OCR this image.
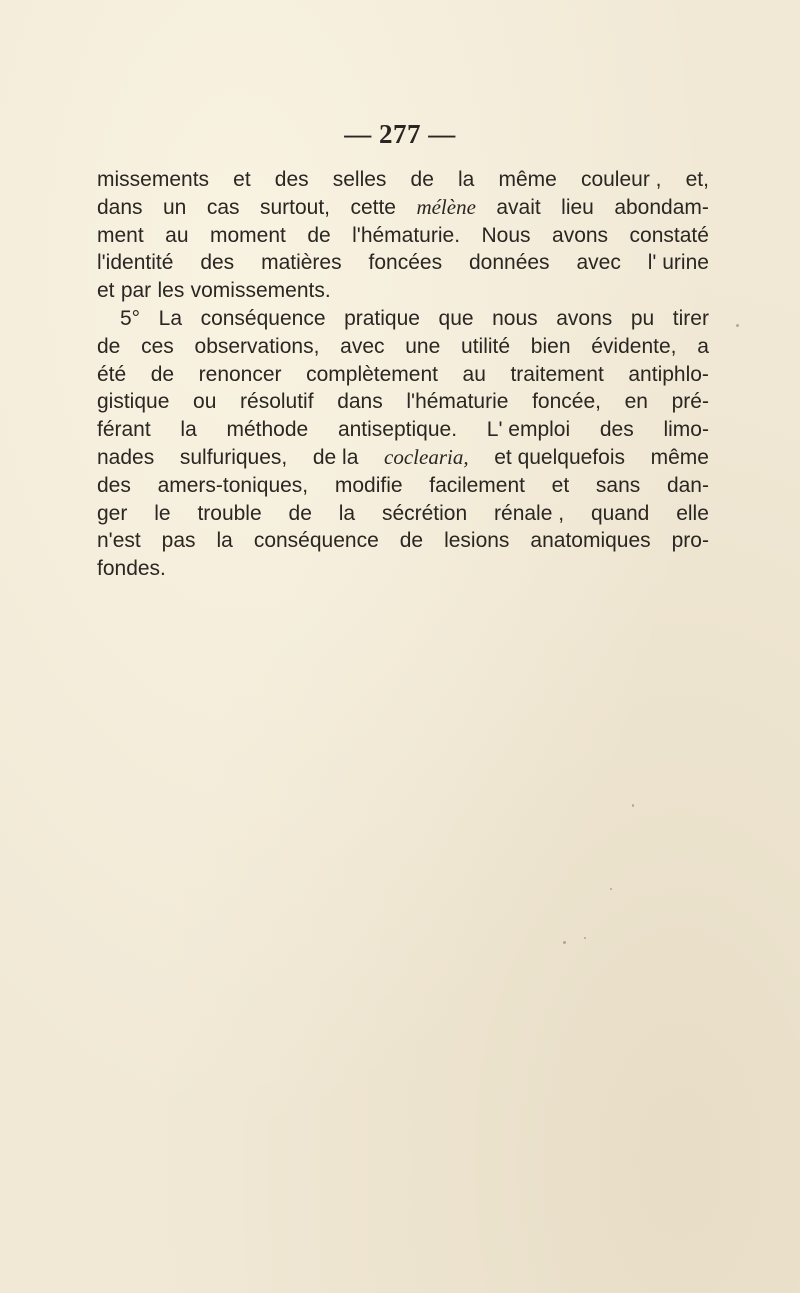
— 277 —
missements et des selles de la même couleur , et,
dans un cas surtout, cette mélène avait lieu abondam-
ment au moment de l'hématurie. Nous avons constaté
l'identité des matières foncées données avec l' urine
et par les vomissements.
5° La conséquence pratique que nous avons pu tirer
de ces observations, avec une utilité bien évidente, a
été de renoncer complètement au traitement antiphlo-
gistique ou résolutif dans l'hématurie foncée, en pré-
férant la méthode antiseptique. L' emploi des limo-
nades sulfuriques, de la coclearia, et quelquefois même
des amers-toniques, modifie facilement et sans dan-
ger le trouble de la sécrétion rénale , quand elle
n'est pas la conséquence de lesions anatomiques pro-
fondes.
